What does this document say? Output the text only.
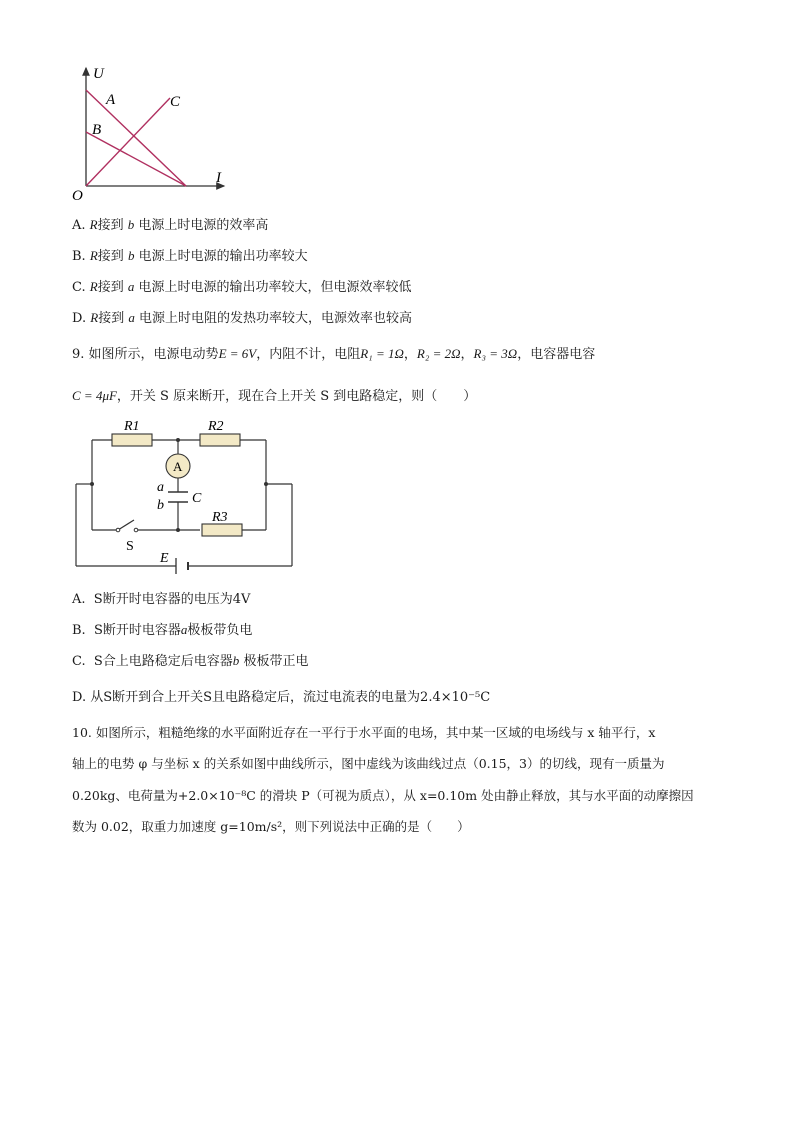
U
I
O
A
B
C
A. R接到 b 电源上时电源的效率高
B. R接到 b 电源上时电源的输出功率较大
C. R接到 a 电源上时电源的输出功率较大，但电源效率较低
D. R接到 a 电源上时电阻的发热功率较大，电源效率也较高
9. 如图所示，电源电动势E = 6V，内阻不计，电阻R₁ = 1Ω，R₂ = 2Ω，R₃ = 3Ω，电容器电容
C = 4μF，开关 S 原来断开，现在合上开关 S 到电路稳定，则（　　）
R1	R2
R3
A
a
b C
S
E
A. S断开时电容器的电压为4V
B. S断开时电容器a极板带负电
C. S合上电路稳定后电容器b 极板带正电
D. 从S断开到合上开关S且电路稳定后，流过电流表的电量为2.4×10⁻⁵C
10. 如图所示，粗糙绝缘的水平面附近存在一平行于水平面的电场，其中某一区域的电场线与 x 轴平行，x
轴上的电势 φ 与坐标 x 的关系如图中曲线所示，图中虚线为该曲线过点（0.15，3）的切线，现有一质量为
0.20kg、电荷量为+2.0×10⁻⁸C 的滑块 P（可视为质点），从 x=0.10m 处由静止释放，其与水平面的动摩擦因
数为 0.02，取重力加速度 g=10m/s²，则下列说法中正确的是（　　）
